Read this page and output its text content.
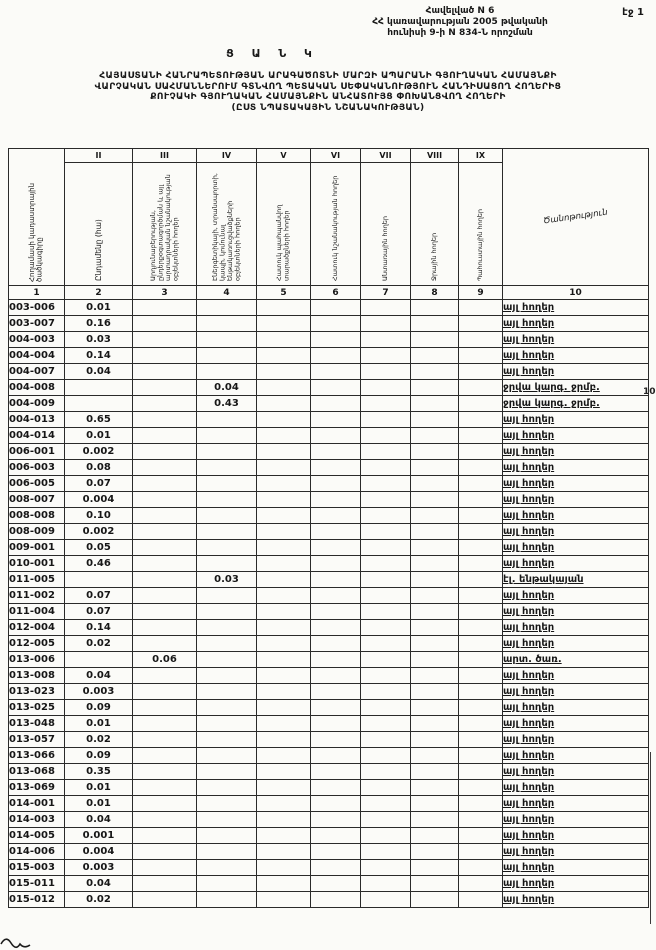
էջ 1
Հավելված N 6
ՀՀ կառավարության 2005 թվականի
հունիսի 9-ի N 834-Ն որոշման
Ց Ա Ն Կ
ՀԱՅԱՍՏԱՆԻ ՀԱՆՐԱՊԵՏՈՒԹՅԱՆ ԱՐԱԳԱԾՈՏՆԻ ՄԱՐԶԻ ԱՊԱՐԱՆԻ ԳՅՈՒՂԱԿԱՆ ՀԱՄԱՅՆՔԻ
ՎԱՐՉԱԿԱՆ ՍԱՀՄԱՆՆԵՐՈՒՄ ԳՏՆՎՈՂ ՊԵՏԱԿԱՆ ՍԵՓԱԿԱՆՈՒԹՅՈՒՆ ՀԱՆԴԻՍԱՑՈՂ ՀՈՂԵՐԻՑ
ՔՈՒՉԱԿԻ ԳՅՈՒՂԱԿԱՆ ՀԱՄԱՅՆՔԻՆ ԱՆՀԱՏՈՒՅՑ ՓՈԽԱՆՑՎՈՂ ՀՈՂԵՐԻ
(ԸՍՏ ՆՊԱՏԱԿԱՅԻՆ ՆՇԱՆԱԿՈՒԹՅԱՆ)
Հողամասի կադաստրային ծածկագիրը	II	III	IV	V	VI	VII	VIII	IX	Ծանոթություն
	Ընդամենը (հա)	Արդյունաբերության, ընդերքօգտագործման և այլ արտադրական նշանակության օբյեկտների հողեր	Էներգետիկայի, տրանսպորտի, կապի, կոմունալ ենթակառուցվածքների օբյեկտների հողեր	Հատուկ պահպանվող տարածքների հողեր	Հատուկ նշանակության հողեր	Անտառային հողեր	Ջրային հողեր	Պահուստային հողեր	
1	2	3	4	5	6	7	8	9	10
003-006	0.01								այլ հողեր
003-007	0.16								այլ հողեր
004-003	0.03								այլ հողեր
004-004	0.14								այլ հողեր
004-007	0.04								այլ հողեր
004-008			0.04						ջրվա կարգ. ջրմբ.
004-009			0.43						ջրվա կարգ. ջրմբ.
004-013	0.65								այլ հողեր
004-014	0.01								այլ հողեր
006-001	0.002								այլ հողեր
006-003	0.08								այլ հողեր
006-005	0.07								այլ հողեր
008-007	0.004								այլ հողեր
008-008	0.10								այլ հողեր
008-009	0.002								այլ հողեր
009-001	0.05								այլ հողեր
010-001	0.46								այլ հողեր
011-005			0.03						էլ. ենթակայան
011-002	0.07								այլ հողեր
011-004	0.07								այլ հողեր
012-004	0.14								այլ հողեր
012-005	0.02								այլ հողեր
013-006		0.06							արտ. ծառ.
013-008	0.04								այլ հողեր
013-023	0.003								այլ հողեր
013-025	0.09								այլ հողեր
013-048	0.01								այլ հողեր
013-057	0.02								այլ հողեր
013-066	0.09								այլ հողեր
013-068	0.35								այլ հողեր
013-069	0.01								այլ հողեր
014-001	0.01								այլ հողեր
014-003	0.04								այլ հողեր
014-005	0.001								այլ հողեր
014-006	0.004								այլ հողեր
015-003	0.003								այլ հողեր
015-011	0.04								այլ հողեր
015-012	0.02								այլ հողեր
10
